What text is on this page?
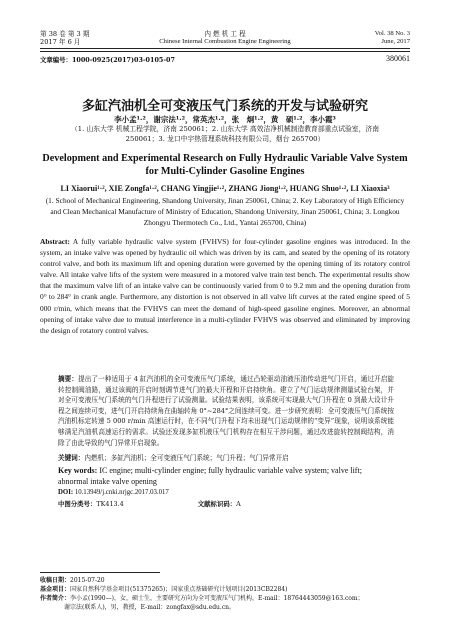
第 38 卷 第 3 期
2017 年 6 月
内 燃 机 工 程
Chinese Internal Combustion Engine Engineering
Vol. 38 No. 3
June, 2017
文章编号：1000-0925(2017)03-0105-07	380061
多缸汽油机全可变液压气门系统的开发与试验研究
李小孟¹·²，谢宗法¹·²，常英杰¹·²，张　炯¹·²，黄　硕¹·²，李小霞³
（1. 山东大学 机械工程学院，济南 250061；2. 山东大学 高效洁净机械制造教育部重点试验室，济南 250061；3. 龙口中宇热管理系统科技有限公司，烟台 265700）
Development and Experimental Research on Fully Hydraulic Variable Valve System for Multi-Cylinder Gasoline Engines
LI Xiaorui¹·², XIE Zongfa¹·², CHANG Yingjie¹·², ZHANG Jiong¹·², HUANG Shuo¹·², LI Xiaoxia³
(1. School of Mechanical Engineering, Shandong University, Jinan 250061, China; 2. Key Laboratory of High Efficiency and Clean Mechanical Manufacture of Ministry of Education, Shandong University, Jinan 250061, China; 3. Longkou Zhongyu Thermotech Co., Ltd., Yantai 265700, China)
Abstract: A fully variable hydraulic valve system (FVHVS) for four-cylinder gasoline engines was introduced. In the system, an intake valve was opened by hydraulic oil which was driven by its cam, and seated by the opening of its rotatory control valve, and both its maximum lift and opening duration were governed by the opening timing of its rotatory control valve. All intake valve lifts of the system were measured in a motored valve train test bench. The experimental results show that the maximum valve lift of an intake valve can be continuously varied from 0 to 9.2 mm and the opening duration from 0° to 284° in crank angle. Furthermore, any distortion is not observed in all valve lift curves at the rated engine speed of 5 000 r/min, which means that the FVHVS can meet the demand of high-speed gasoline engines. Moreover, an abnormal opening of intake valve due to mutual interference in a multi-cylinder FVHVS was observed and eliminated by improving the design of rotatory control valves.
摘要：提出了一种适用于 4 缸汽油机的全可变液压气门系统，通过凸轮驱动油液压油传动进气门开启，通过开启旋转控制阀油路，通过该阀的开启时刻调节进气门的最大开程和开启持续角。建立了气门运动规律测量试验台架，并对全可变液压气门系统的气门升程进行了试验测量。试验结果表明，该系统可实现最大气门升程在 0 到最大设计升程之间连续可变，进气门开启持续角在曲轴转角 0°~284°之间连续可变。进一步研究表明：全可变液压气门系统按汽油机标定转速 5 000 r/min 高速运行时，在不同气门升程下均未出现气门运动规律的“变异”现象，说明该系统能够满足汽油机高速运行的需求。试验还发现多缸机液压气门机构存在相互干涉问题，通过改进旋转控制阀结构，消除了由此导致的气门异常开启现象。
关键词：内燃机；多缸汽油机；全可变液压气门系统；气门升程；气门异常开启
Key words: IC engine; multi-cylinder engine; fully hydraulic variable valve system; valve lift; abnormal intake valve opening
DOI: 10.13949/j.cnki.nrjgc.2017.03.017
中图分类号：TK413.4	文献标识码：A
收稿日期：2015-07-20
基金项目：国家自然科学基金项目(51375265)；国家重点基础研究计划项目(2013CB2284)
作者简介：李小孟(1990—)，女，硕士生，主要研究方向为全可变液压气门机构，E-mail：18764443059@163.com；
谢宗法(联系人)，男，教授，E-mail：zongfax@sdu.edu.cn。
